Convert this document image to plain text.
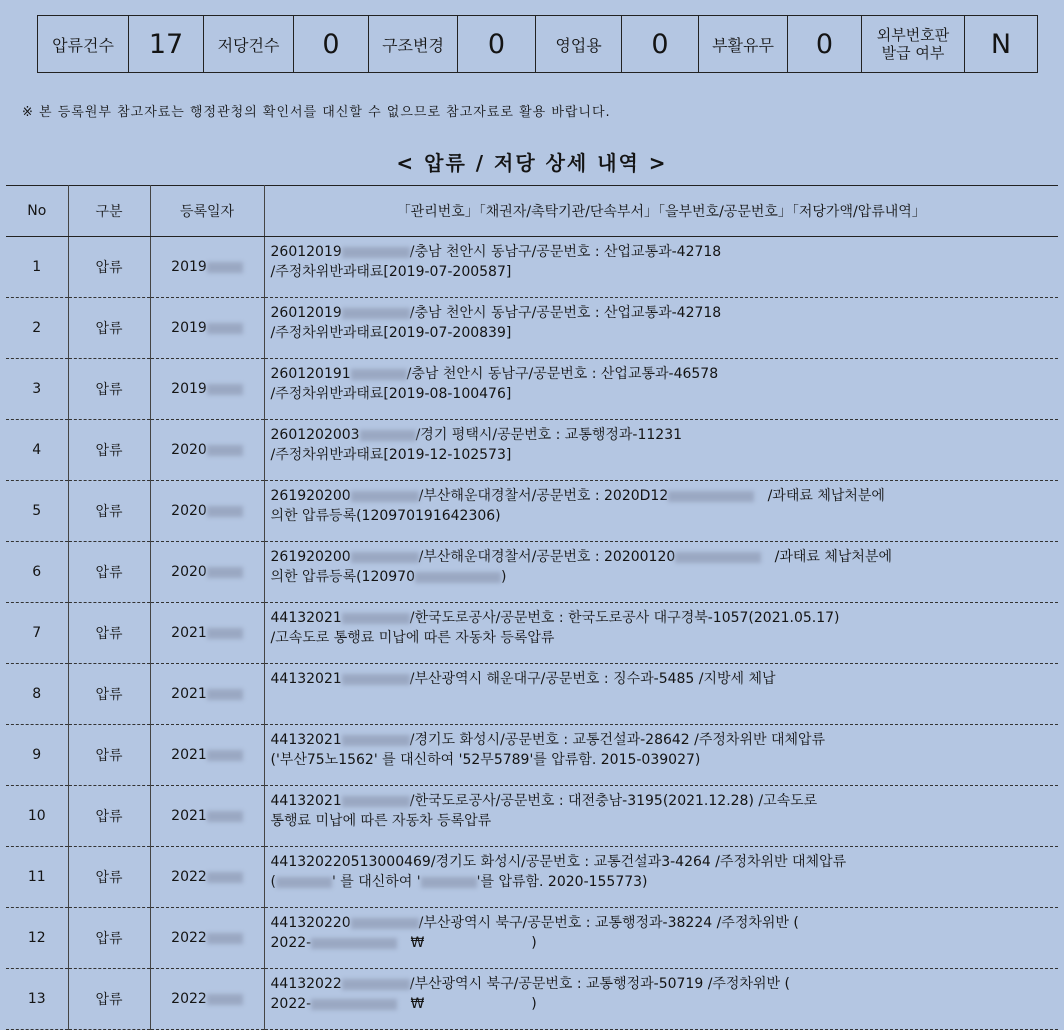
압류건수	17	저당건수	0	구조변경	0	영업용	0	부활유무	0	외부번호판
발급 여부	N
※ 본 등록원부 참고자료는 행정관청의 확인서를 대신할 수 없으므로 참고자료로 활용 바랍니다.
< 압류 / 저당 상세 내역 >
No	구분	등록일자	「관리번호」「채권자/촉탁기관/단속부서」「을부번호/공문번호」「저당가액/압류내역」
1	압류	2019	26012019 /충남 천안시 동남구/공문번호 : 산업교통과-42718
/주정차위반과태료[2019-07-200587]
2	압류	2019	26012019 /충남 천안시 동남구/공문번호 : 산업교통과-42718
/주정차위반과태료[2019-07-200839]
3	압류	2019	260120191 /충남 천안시 동남구/공문번호 : 산업교통과-46578
/주정차위반과태료[2019-08-100476]
4	압류	2020	2601202003 /경기 평택시/공문번호 : 교통행정과-11231
/주정차위반과태료[2019-12-102573]
5	압류	2020	261920200 /부산해운대경찰서/공문번호 : 2020D12 /과태료 체납처분에
의한 압류등록(120970191642306)
6	압류	2020	261920200 /부산해운대경찰서/공문번호 : 20200120 /과태료 체납처분에
의한 압류등록(120970 )
7	압류	2021	44132021 /한국도로공사/공문번호 : 한국도로공사 대구경북-1057(2021.05.17)
/고속도로 통행료 미납에 따른 자동차 등록압류
8	압류	2021	44132021 /부산광역시 해운대구/공문번호 : 징수과-5485 /지방세 체납

9	압류	2021	44132021 /경기도 화성시/공문번호 : 교통건설과-28642 /주정차위반 대체압류
('부산75노1562' 를 대신하여 '52무5789'를 압류함. 2015-039027)
10	압류	2021	44132021 /한국도로공사/공문번호 : 대전충남-3195(2021.12.28) /고속도로
통행료 미납에 따른 자동차 등록압류
11	압류	2022	441320220513000469/경기도 화성시/공문번호 : 교통건설과3-4264 /주정차위반 대체압류
( ' 를 대신하여 ' '를 압류함. 2020-155773)
12	압류	2022	441320220 /부산광역시 북구/공문번호 : 교통행정과-38224 /주정차위반 (
2022- ₩ )
13	압류	2022	44132022 /부산광역시 북구/공문번호 : 교통행정과-50719 /주정차위반 (
2022- ₩ )
